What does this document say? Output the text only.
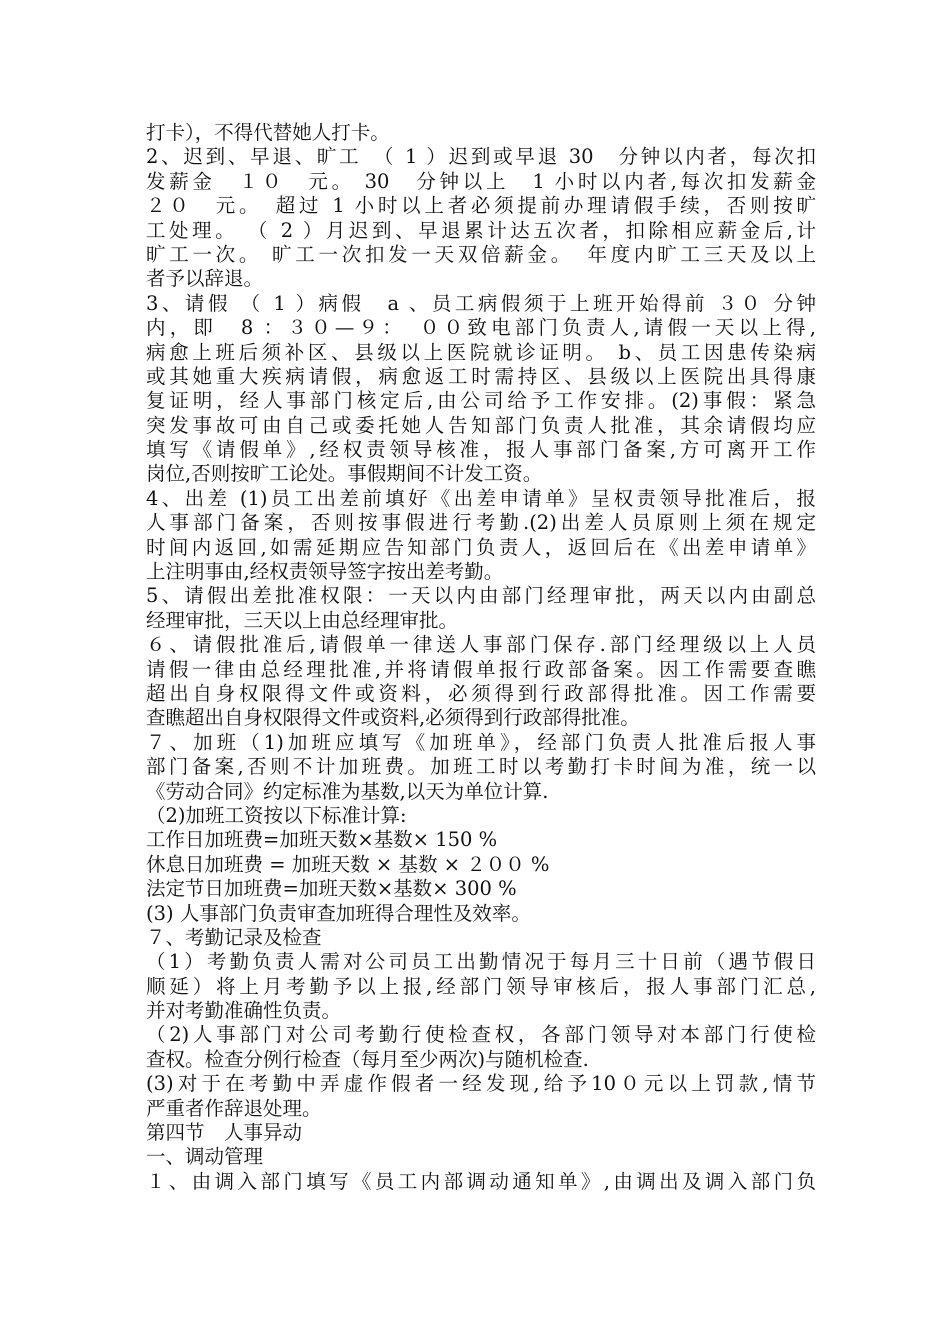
打卡），不得代替她人打卡。
2、迟到、早退、旷工　（ 1 ）迟到或早退 30　分钟以内者，每次扣
发薪金　１０　元。 30　分钟以上　1 小时以内者,每次扣发薪金
２０　元。　超过 1 小时以上者必须提前办理请假手续，否则按旷
工处理。 （ 2 ）月迟到、早退累计达五次者，扣除相应薪金后,计
旷工一次。 旷工一次扣发一天双倍薪金。　年度内旷工三天及以上
者予以辞退。
3、请假 （ 1 ）病假　a 、员工病假须于上班开始得前 ３０ 分钟
内，即　8 ：３０—９：　００致电部门负责人,请假一天以上得,
病愈上班后须补区、县级以上医院就诊证明。 b、员工因患传染病
或其她重大疾病请假，病愈返工时需持区、县级以上医院出具得康
复证明，经人事部门核定后,由公司给予工作安排。(2)事假：紧急
突发事故可由自己或委托她人告知部门负责人批准，其余请假均应
填写《请假单》,经权责领导核准，报人事部门备案,方可离开工作
岗位,否则按旷工论处。事假期间不计发工资。
4、出差 (1)员工出差前填好《出差申请单》呈权责领导批准后，报
人事部门备案，否则按事假进行考勤.(2)出差人员原则上须在规定
时间内返回,如需延期应告知部门负责人，返回后在《出差申请单》
上注明事由,经权责领导签字按出差考勤。
5、请假出差批准权限：一天以内由部门经理审批，两天以内由副总
经理审批，三天以上由总经理审批。
６、请假批准后,请假单一律送人事部门保存.部门经理级以上人员
请假一律由总经理批准,并将请假单报行政部备案。因工作需要查瞧
超出自身权限得文件或资料，必须得到行政部得批准。因工作需要
查瞧超出自身权限得文件或资料,必须得到行政部得批准。
７、加班（1)加班应填写《加班单》，经部门负责人批准后报人事
部门备案,否则不计加班费。加班工时以考勤打卡时间为准，统一以
《劳动合同》约定标准为基数,以天为单位计算.
（2)加班工资按以下标准计算:
工作日加班费=加班天数×基数× 150 %
休息日加班费 = 加班天数 × 基数 × ２００ %
法定节日加班费=加班天数×基数× 300 %
(3) 人事部门负责审查加班得合理性及效率。
７、考勤记录及检查
（1）考勤负责人需对公司员工出勤情况于每月三十日前（遇节假日
顺延）将上月考勤予以上报,经部门领导审核后，报人事部门汇总,
并对考勤准确性负责。
（2)人事部门对公司考勤行使检查权，各部门领导对本部门行使检
查权。检查分例行检查（每月至少两次)与随机检查.
(3)对于在考勤中弄虚作假者一经发现,给予10０元以上罚款,情节
严重者作辞退处理。
第四节　人事异动
一、调动管理
１、由调入部门填写《员工内部调动通知单》,由调出及调入部门负
